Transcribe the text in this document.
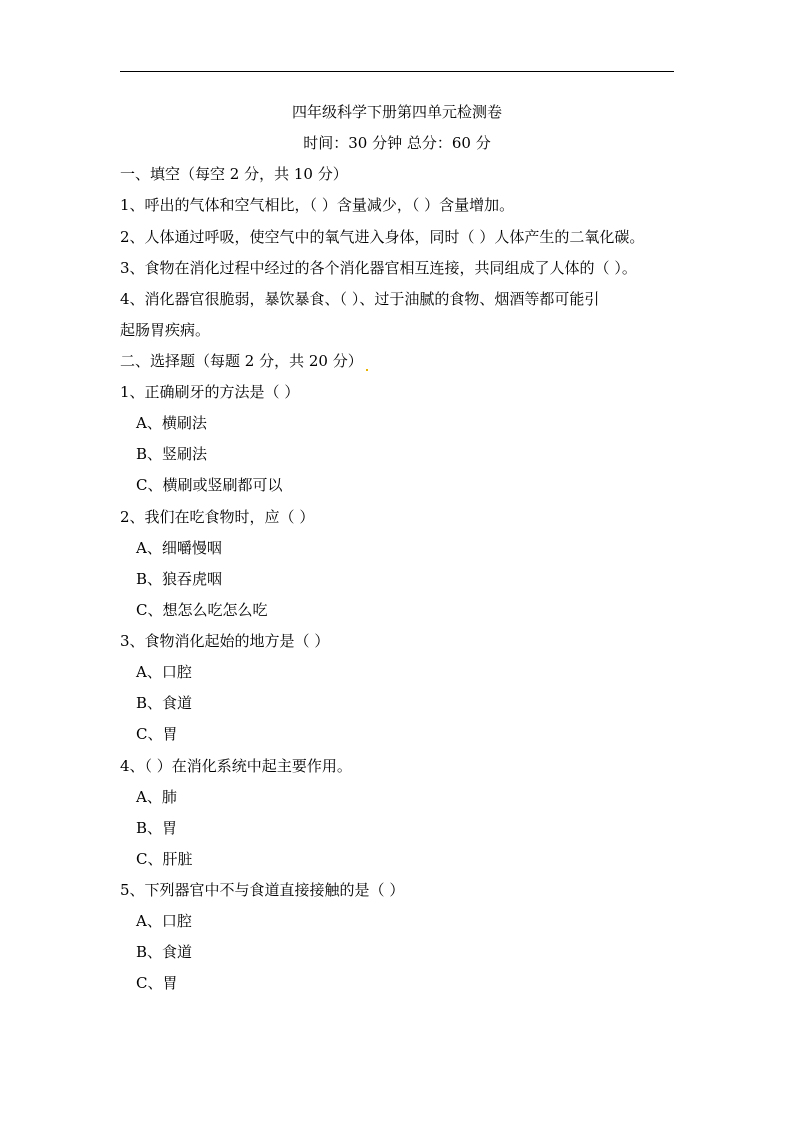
四年级科学下册第四单元检测卷
时间：30 分钟 总分：60 分
一、填空（每空 2 分，共 10 分）
1、呼出的气体和空气相比，（ ）含量减少，（ ）含量增加。
2、人体通过呼吸，使空气中的氧气进入身体，同时（ ）人体产生的二氧化碳。
3、食物在消化过程中经过的各个消化器官相互连接，共同组成了人体的（ ）。
4、消化器官很脆弱，暴饮暴食、（ ）、过于油腻的食物、烟酒等都可能引
起肠胃疾病。
二、选择题（每题 2 分，共 20 分）
1、正确刷牙的方法是（ ）
A、横刷法
B、竖刷法
C、横刷或竖刷都可以
2、我们在吃食物时，应（ ）
A、细嚼慢咽
B、狼吞虎咽
C、想怎么吃怎么吃
3、食物消化起始的地方是（ ）
A、口腔
B、食道
C、胃
4、（ ）在消化系统中起主要作用。
A、肺
B、胃
C、肝脏
5、下列器官中不与食道直接接触的是（ ）
A、口腔
B、食道
C、胃
